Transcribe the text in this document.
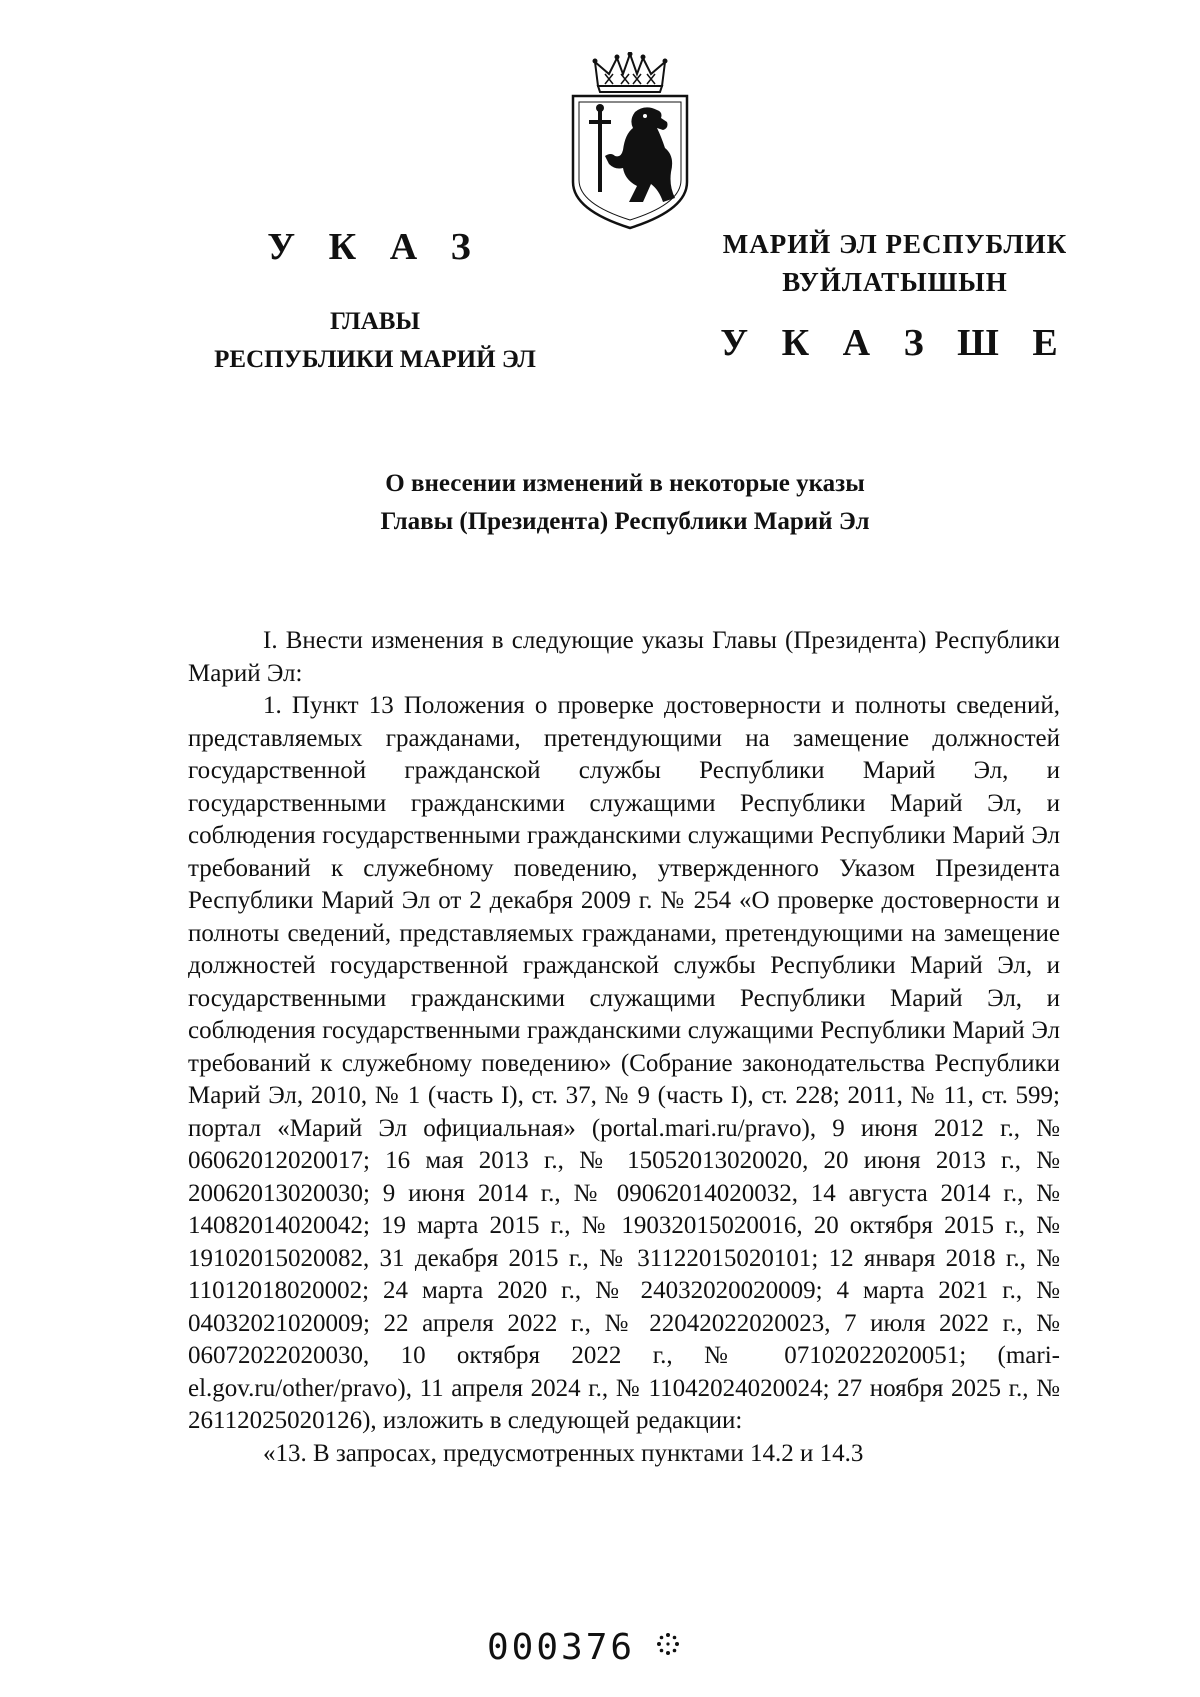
У К А З
ГЛАВЫ
РЕСПУБЛИКИ МАРИЙ ЭЛ
МАРИЙ ЭЛ РЕСПУБЛИК
ВУЙЛАТЫШЫН
У К А З Ш Е
О внесении изменений в некоторые указы
Главы (Президента) Республики Марий Эл

I. Внести изменения в следующие указы Главы (Президента) Республики Марий Эл:

1. Пункт 13 Положения о проверке достоверности и полноты сведений, представляемых гражданами, претендующими на замещение должностей государственной гражданской службы Республики Марий Эл, и государственными гражданскими служащими Республики Марий Эл, и соблюдения государственными гражданскими служащими Республики Марий Эл требований к служебному поведению, утвержденного Указом Президента Республики Марий Эл от 2 декабря 2009 г. № 254 «О проверке достоверности и полноты сведений, представляемых гражданами, претендующими на замещение должностей государственной гражданской службы Республики Марий Эл, и государственными гражданскими служащими Республики Марий Эл, и соблюдения государственными гражданскими служащими Республики Марий Эл требований к служебному поведению» (Собрание законодательства Республики Марий Эл, 2010, № 1 (часть I), ст. 37, № 9 (часть I), ст. 228; 2011, № 11, ст. 599; портал «Марий Эл официальная» (portal.mari.ru/pravo), 9 июня 2012 г., № 06062012020017; 16 мая 2013 г., № 15052013020020, 20 июня 2013 г., № 20062013020030; 9 июня 2014 г., № 09062014020032, 14 августа 2014 г., № 14082014020042; 19 марта 2015 г., № 19032015020016, 20 октября 2015 г., № 19102015020082, 31 декабря 2015 г., № 31122015020101; 12 января 2018 г., № 11012018020002; 24 марта 2020 г., № 24032020020009; 4 марта 2021 г., № 04032021020009; 22 апреля 2022 г., № 22042022020023, 7 июля 2022 г., № 06072022020030, 10 октября 2022 г., № 07102022020051; (mari-el.gov.ru/other/pravo), 11 апреля 2024 г., № 11042024020024; 27 ноября 2025 г., № 26112025020126), изложить в следующей редакции:

«13. В запросах, предусмотренных пунктами 14.2 и 14.3

000376
